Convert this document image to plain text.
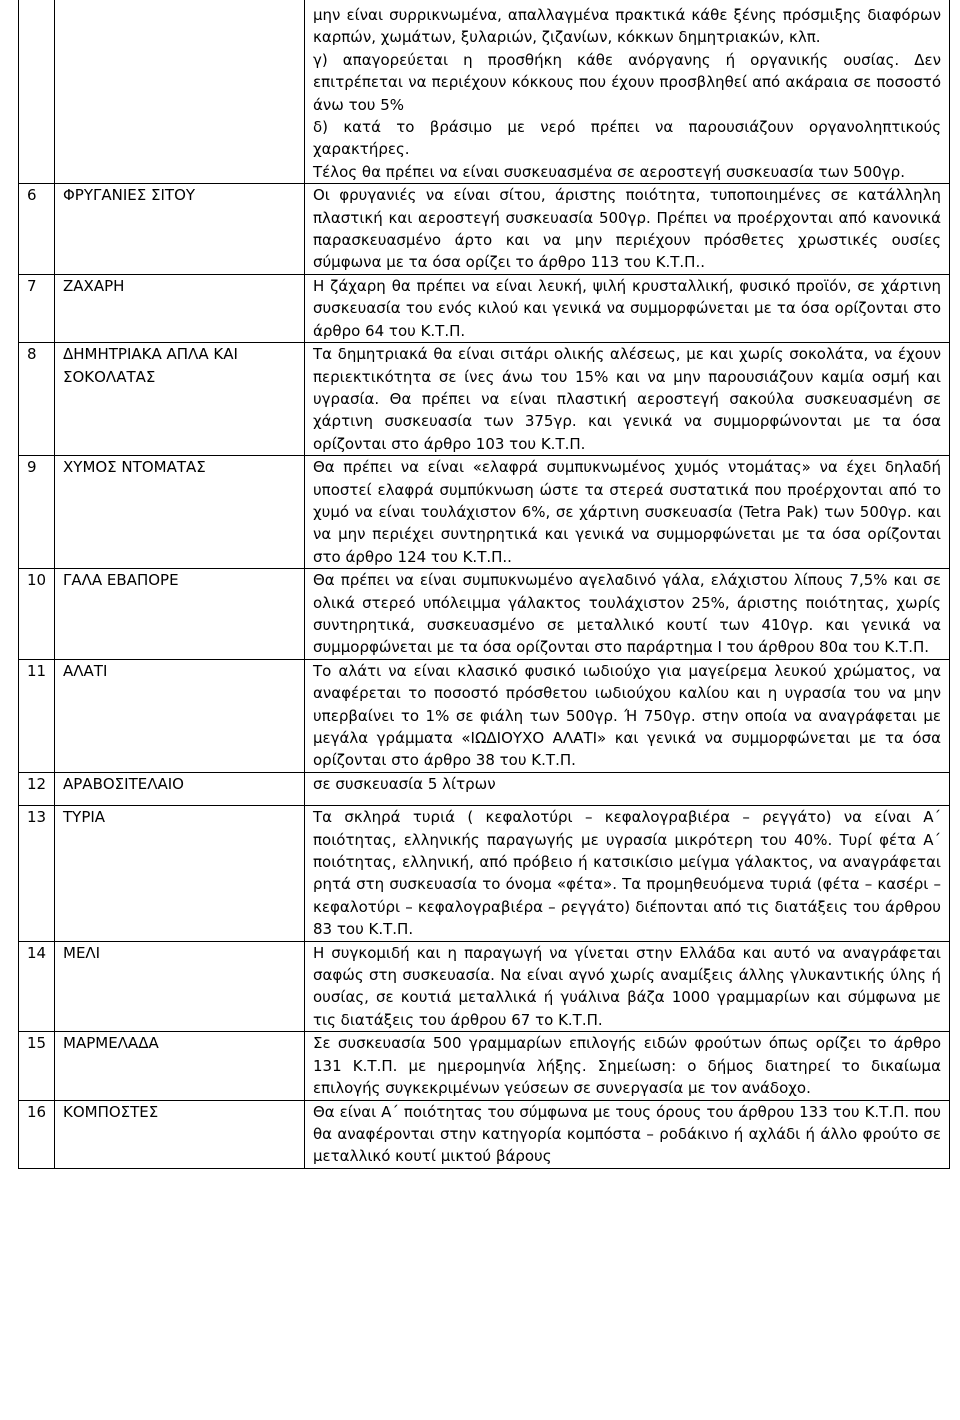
		μην είναι συρρικνωμένα, απαλλαγμένα πρακτικά κάθε ξένης πρόσμιξης διαφόρων καρπών, χωμάτων, ξυλαριών, ζιζανίων, κόκκων δημητριακών, κλπ.
γ) απαγορεύεται η προσθήκη κάθε ανόργανης ή οργανικής ουσίας. Δεν επιτρέπεται να περιέχουν κόκκους που έχουν προσβληθεί από ακάραια σε ποσοστό άνω του 5%
δ) κατά το βράσιμο με νερό πρέπει να παρουσιάζουν οργανοληπτικούς χαρακτήρες.
Τέλος θα πρέπει να είναι συσκευασμένα σε αεροστεγή συσκευασία των 500γρ.

6	ΦΡΥΓΑΝΙΕΣ ΣΙΤΟΥ	Οι φρυγανιές να είναι σίτου, άριστης ποιότητα, τυποποιημένες σε κατάλληλη πλαστική και αεροστεγή συσκευασία 500γρ. Πρέπει να προέρχονται από κανονικά παρασκευασμένο άρτο και να μην περιέχουν πρόσθετες χρωστικές ουσίες σύμφωνα με τα όσα ορίζει το άρθρο 113 του Κ.Τ.Π..
7	ΖΑΧΑΡΗ	Η ζάχαρη θα πρέπει να είναι λευκή, ψιλή κρυσταλλική, φυσικό προϊόν, σε χάρτινη συσκευασία του ενός κιλού και γενικά να συμμορφώνεται με τα όσα ορίζονται στο άρθρο 64 του Κ.Τ.Π.
8	ΔΗΜΗΤΡΙΑΚΑ ΑΠΛΑ ΚΑΙ ΣΟΚΟΛΑΤΑΣ	Τα δημητριακά θα είναι σιτάρι ολικής αλέσεως, με και χωρίς σοκολάτα, να έχουν περιεκτικότητα σε ίνες άνω του 15% και να μην παρουσιάζουν καμία οσμή και υγρασία. Θα πρέπει να είναι πλαστική αεροστεγή σακούλα συσκευασμένη σε χάρτινη συσκευασία των 375γρ. και γενικά να συμμορφώνονται με τα όσα ορίζονται στο άρθρο 103 του Κ.Τ.Π.
9	ΧΥΜΟΣ ΝΤΟΜΑΤΑΣ	Θα πρέπει να είναι «ελαφρά συμπυκνωμένος χυμός ντομάτας» να έχει δηλαδή υποστεί ελαφρά συμπύκνωση ώστε τα στερεά συστατικά που προέρχονται από το χυμό να είναι τουλάχιστον 6%, σε χάρτινη συσκευασία (Tetra Pak) των 500γρ. και να μην περιέχει συντηρητικά και γενικά να συμμορφώνεται με τα όσα ορίζονται στο άρθρο 124 του Κ.Τ.Π..
10	ΓΑΛΑ ΕΒΑΠΟΡΕ	Θα πρέπει να είναι συμπυκνωμένο αγελαδινό γάλα, ελάχιστου λίπους 7,5% και σε ολικά στερεό υπόλειμμα γάλακτος τουλάχιστον 25%, άριστης ποιότητας, χωρίς συντηρητικά, συσκευασμένο σε μεταλλικό κουτί των 410γρ. και γενικά να συμμορφώνεται με τα όσα ορίζονται στο παράρτημα Ι του άρθρου 80α του Κ.Τ.Π.
11	ΑΛΑΤΙ	Το αλάτι να είναι κλασικό φυσικό ιωδιούχο για μαγείρεμα λευκού χρώματος, να αναφέρεται το ποσοστό πρόσθετου ιωδιούχου καλίου και η υγρασία του να μην υπερβαίνει το 1% σε φιάλη των 500γρ. Ή 750γρ. στην οποία να αναγράφεται με μεγάλα γράμματα «ΙΩΔΙΟΥΧΟ ΑΛΑΤΙ» και γενικά να συμμορφώνεται με τα όσα ορίζονται στο άρθρο 38 του Κ.Τ.Π.
12	ΑΡΑΒΟΣΙΤΕΛΑΙΟ	σε συσκευασία 5 λίτρων
13	ΤΥΡΙΑ	Τα σκληρά τυριά ( κεφαλοτύρι – κεφαλογραβιέρα – ρεγγάτο) να είναι Α΄ ποιότητας, ελληνικής παραγωγής με υγρασία μικρότερη του 40%. Τυρί φέτα Α΄ ποιότητας, ελληνική, από πρόβειο ή κατσικίσιο μείγμα γάλακτος, να αναγράφεται ρητά στη συσκευασία το όνομα «φέτα». Τα προμηθευόμενα τυριά (φέτα – κασέρι – κεφαλοτύρι – κεφαλογραβιέρα – ρεγγάτο) διέπονται από τις διατάξεις του άρθρου 83 του Κ.Τ.Π.
14	ΜΕΛΙ	Η συγκομιδή και η παραγωγή να γίνεται στην Ελλάδα και αυτό να αναγράφεται σαφώς στη συσκευασία. Να είναι αγνό χωρίς αναμίξεις άλλης γλυκαντικής ύλης ή ουσίας, σε κουτιά μεταλλικά ή γυάλινα βάζα 1000 γραμμαρίων και σύμφωνα με τις διατάξεις του άρθρου 67 το Κ.Τ.Π.
15	ΜΑΡΜΕΛΑΔΑ	Σε συσκευασία 500 γραμμαρίων επιλογής ειδών φρούτων όπως ορίζει το άρθρο 131 Κ.Τ.Π. με ημερομηνία λήξης. Σημείωση: ο δήμος διατηρεί το δικαίωμα επιλογής συγκεκριμένων γεύσεων σε συνεργασία με τον ανάδοχο.
16	ΚΟΜΠΟΣΤΕΣ	Θα είναι Α΄ ποιότητας του σύμφωνα με τους όρους του άρθρου 133 του Κ.Τ.Π. που θα αναφέρονται στην κατηγορία κομπόστα – ροδάκινο ή αχλάδι ή άλλο φρούτο σε μεταλλικό κουτί μικτού βάρους
